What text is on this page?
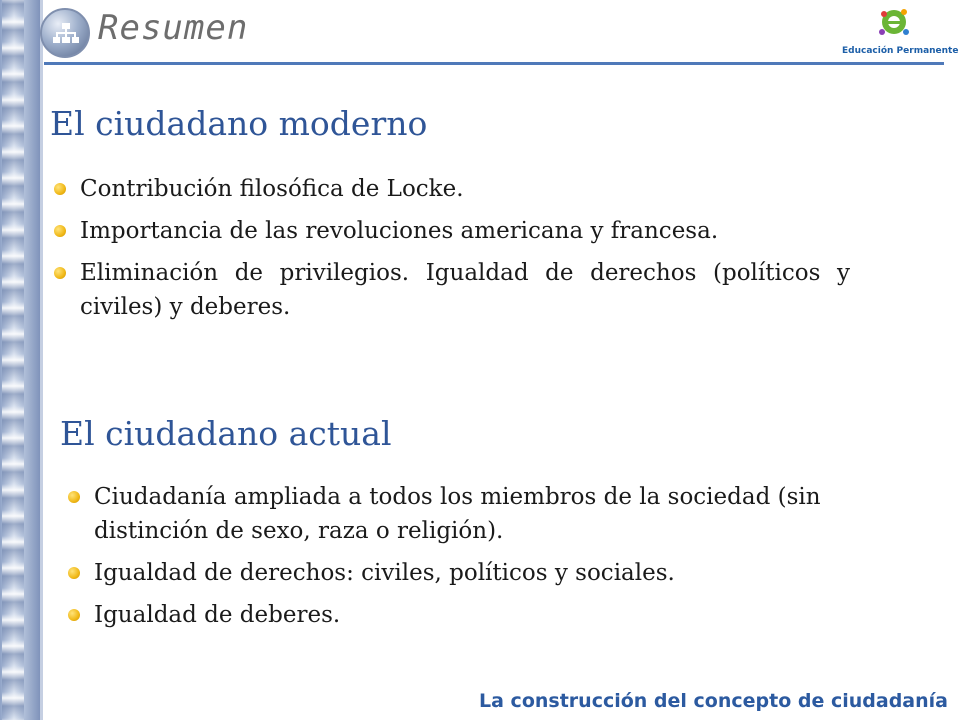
Resumen
Educación Permanente
El ciudadano moderno
Contribución filosófica de Locke.
Importancia de las revoluciones americana y francesa.
Eliminación de privilegios. Igualdad de derechos (políticos y civiles) y deberes.
El ciudadano actual
Ciudadanía ampliada a todos los miembros de la sociedad (sin distinción de sexo, raza o religión).
Igualdad de derechos: civiles, políticos y sociales.
Igualdad de deberes.
La construcción del concepto de ciudadanía
